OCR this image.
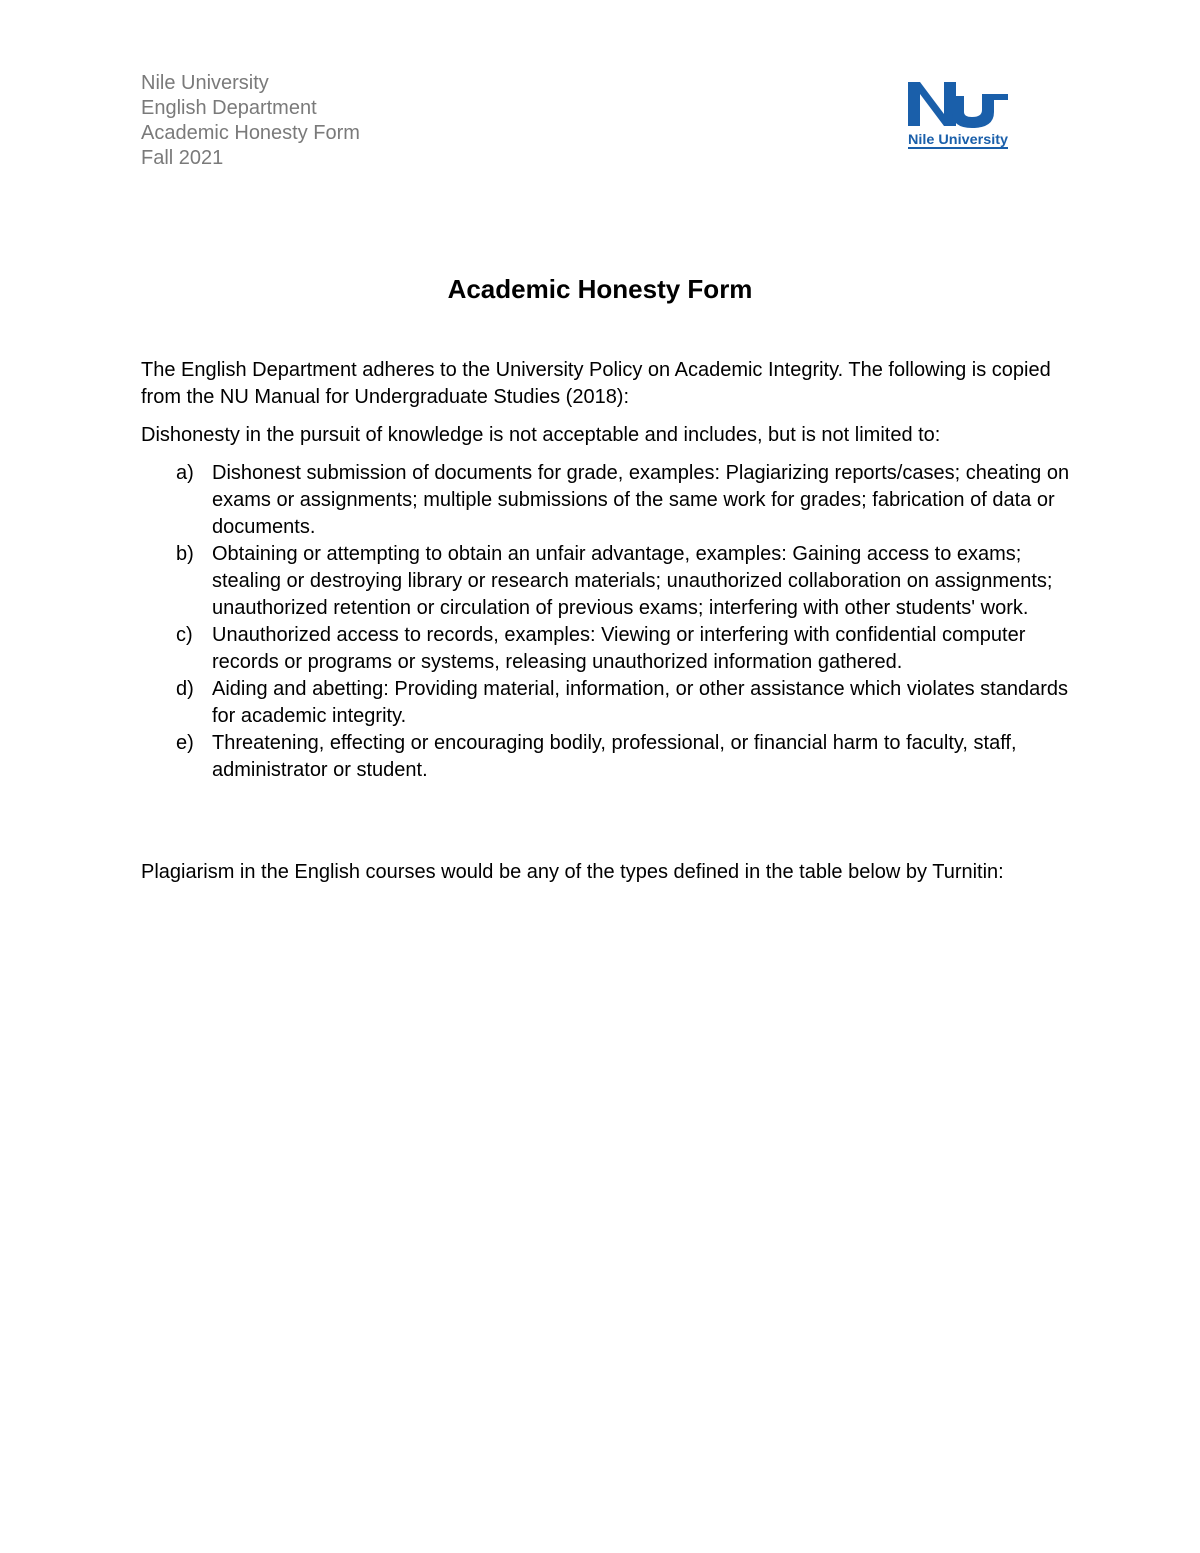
Nile University
English Department
Academic Honesty Form
Fall 2021
Nile University
Academic Honesty Form

The English Department adheres to the University Policy on Academic Integrity. The following is copied from the NU Manual for Undergraduate Studies (2018):

Dishonesty in the pursuit of knowledge is not acceptable and includes, but is not limited to:

a) Dishonest submission of documents for grade, examples: Plagiarizing reports/cases; cheating on exams or assignments; multiple submissions of the same work for grades; fabrication of data or documents.
b) Obtaining or attempting to obtain an unfair advantage, examples: Gaining access to exams; stealing or destroying library or research materials; unauthorized collaboration on assignments; unauthorized retention or circulation of previous exams; interfering with other students' work.
c) Unauthorized access to records, examples: Viewing or interfering with confidential computer records or programs or systems, releasing unauthorized information gathered.
d) Aiding and abetting: Providing material, information, or other assistance which violates standards for academic integrity.
e) Threatening, effecting or encouraging bodily, professional, or financial harm to faculty, staff, administrator or student.

Plagiarism in the English courses would be any of the types defined in the table below by Turnitin:
